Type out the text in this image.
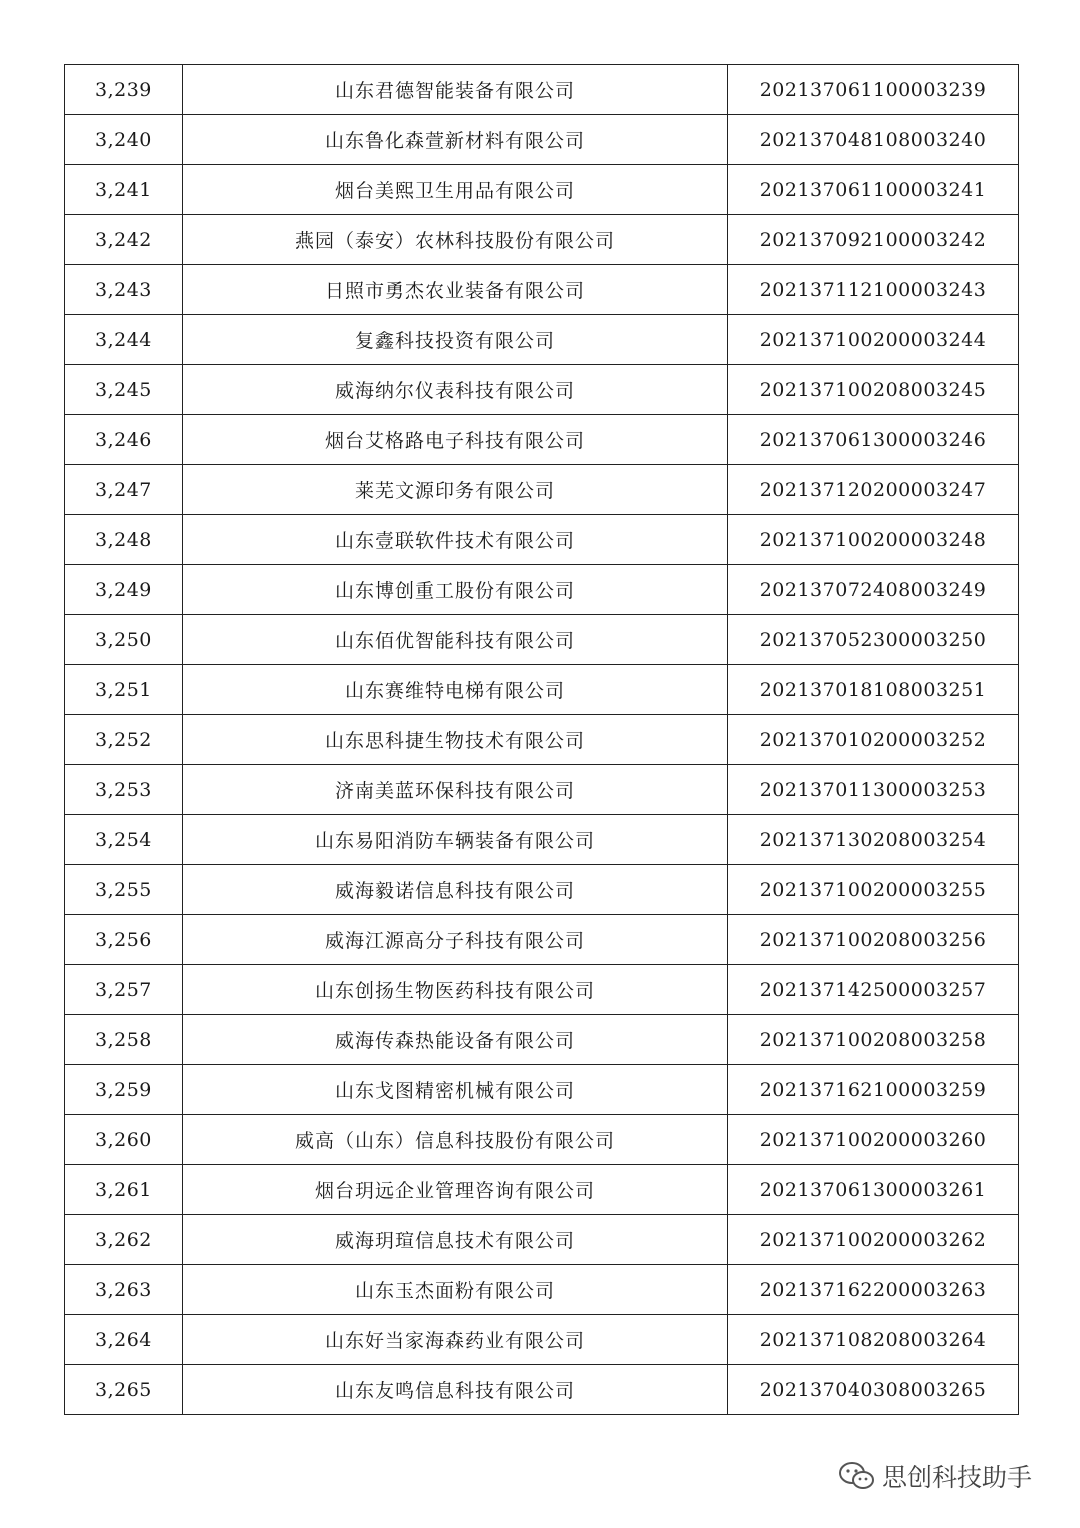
3,239	山东君德智能装备有限公司	202137061100003239
3,240	山东鲁化森萱新材料有限公司	202137048108003240
3,241	烟台美熙卫生用品有限公司	202137061100003241
3,242	燕园（泰安）农林科技股份有限公司	202137092100003242
3,243	日照市勇杰农业装备有限公司	202137112100003243
3,244	复鑫科技投资有限公司	202137100200003244
3,245	威海纳尔仪表科技有限公司	202137100208003245
3,246	烟台艾格路电子科技有限公司	202137061300003246
3,247	莱芜文源印务有限公司	202137120200003247
3,248	山东壹联软件技术有限公司	202137100200003248
3,249	山东博创重工股份有限公司	202137072408003249
3,250	山东佰优智能科技有限公司	202137052300003250
3,251	山东赛维特电梯有限公司	202137018108003251
3,252	山东思科捷生物技术有限公司	202137010200003252
3,253	济南美蓝环保科技有限公司	202137011300003253
3,254	山东易阳消防车辆装备有限公司	202137130208003254
3,255	威海毅诺信息科技有限公司	202137100200003255
3,256	威海江源高分子科技有限公司	202137100208003256
3,257	山东创扬生物医药科技有限公司	202137142500003257
3,258	威海传森热能设备有限公司	202137100208003258
3,259	山东戈图精密机械有限公司	202137162100003259
3,260	威高（山东）信息科技股份有限公司	202137100200003260
3,261	烟台玥远企业管理咨询有限公司	202137061300003261
3,262	威海玥瑄信息技术有限公司	202137100200003262
3,263	山东玉杰面粉有限公司	202137162200003263
3,264	山东好当家海森药业有限公司	202137108208003264
3,265	山东友鸣信息科技有限公司	202137040308003265
思创科技助手
